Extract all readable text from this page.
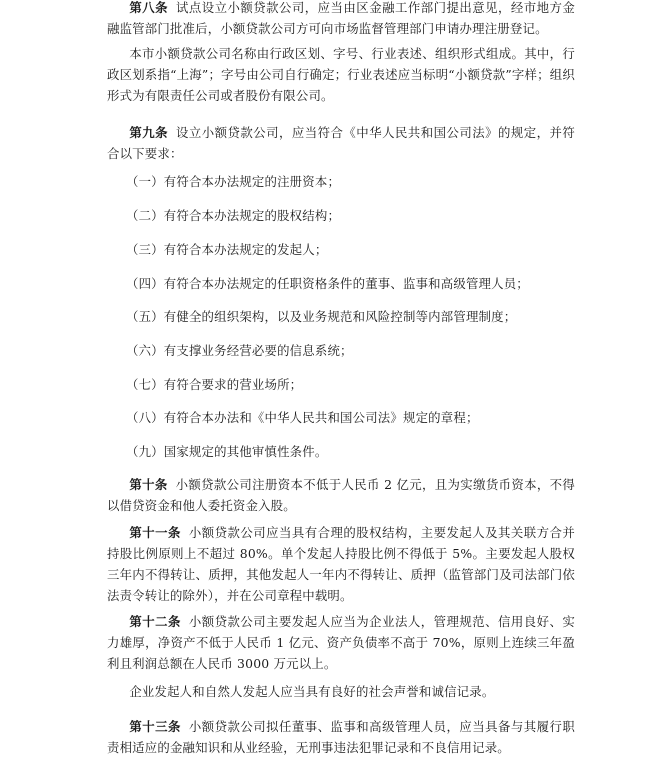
第八条 试点设立小额贷款公司，应当由区金融工作部门提出意见，经市地方金融监管部门批准后，小额贷款公司方可向市场监督管理部门申请办理注册登记。
本市小额贷款公司名称由行政区划、字号、行业表述、组织形式组成。其中，行政区划系指“上海”；字号由公司自行确定；行业表述应当标明“小额贷款”字样；组织形式为有限责任公司或者股份有限公司。
第九条 设立小额贷款公司，应当符合《中华人民共和国公司法》的规定，并符合以下要求：
（一）有符合本办法规定的注册资本；
（二）有符合本办法规定的股权结构；
（三）有符合本办法规定的发起人；
（四）有符合本办法规定的任职资格条件的董事、监事和高级管理人员；
（五）有健全的组织架构，以及业务规范和风险控制等内部管理制度；
（六）有支撑业务经营必要的信息系统；
（七）有符合要求的营业场所；
（八）有符合本办法和《中华人民共和国公司法》规定的章程；
（九）国家规定的其他审慎性条件。
第十条 小额贷款公司注册资本不低于人民币 2 亿元，且为实缴货币资本，不得以借贷资金和他人委托资金入股。
第十一条 小额贷款公司应当具有合理的股权结构，主要发起人及其关联方合并持股比例原则上不超过 80%。单个发起人持股比例不得低于 5%。主要发起人股权三年内不得转让、质押，其他发起人一年内不得转让、质押（监管部门及司法部门依法责令转让的除外），并在公司章程中载明。
第十二条 小额贷款公司主要发起人应当为企业法人，管理规范、信用良好、实力雄厚，净资产不低于人民币 1 亿元、资产负债率不高于 70%，原则上连续三年盈利且利润总额在人民币 3000 万元以上。
企业发起人和自然人发起人应当具有良好的社会声誉和诚信记录。
第十三条 小额贷款公司拟任董事、监事和高级管理人员，应当具备与其履行职责相适应的金融知识和从业经验，无刑事违法犯罪记录和不良信用记录。
